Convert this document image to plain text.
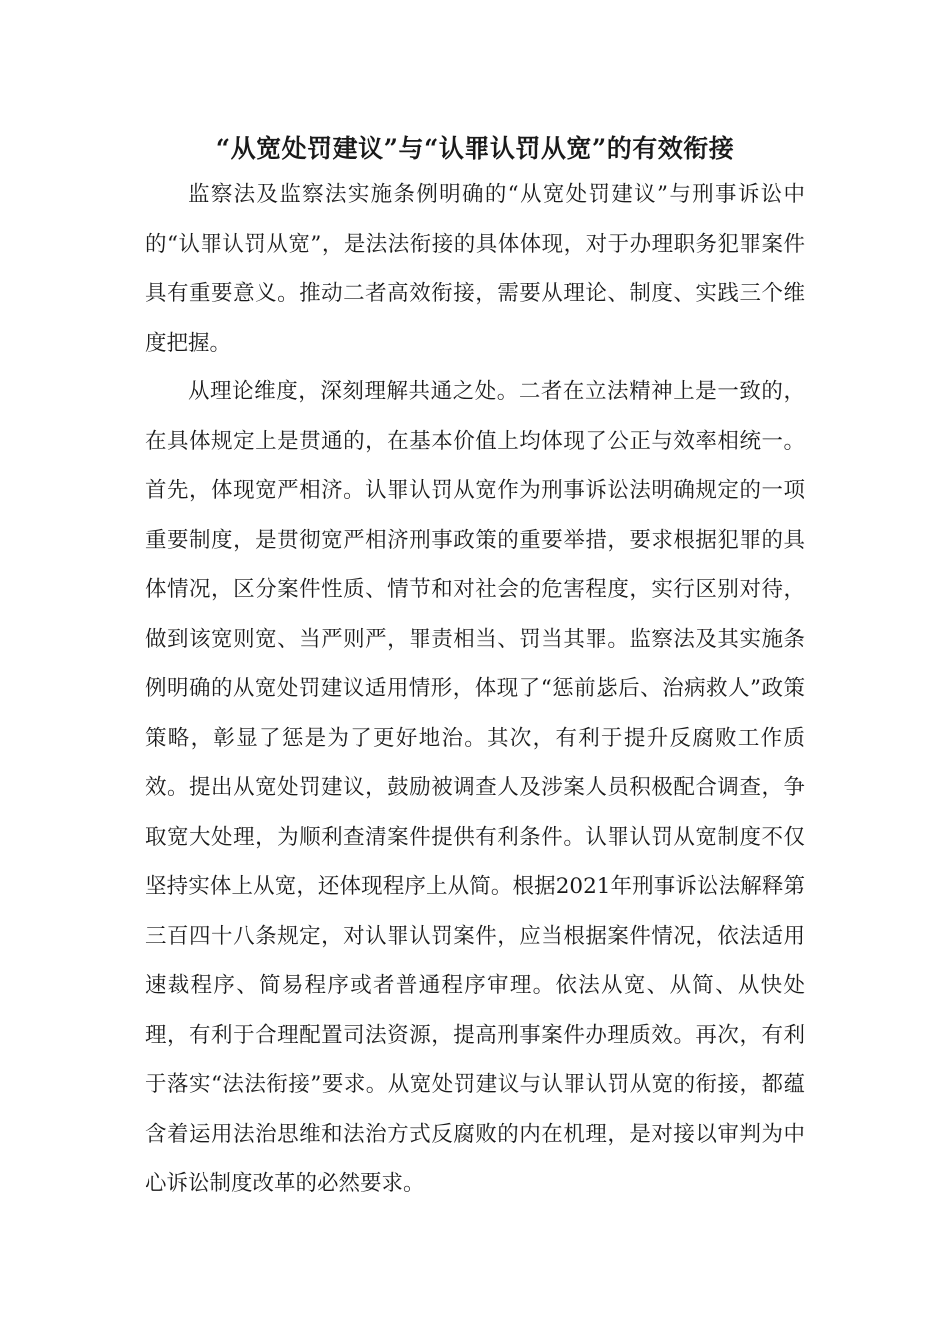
“从宽处罚建议”与“认罪认罚从宽”的有效衔接

监察法及监察法实施条例明确的“从宽处罚建议”与刑事诉讼中的“认罪认罚从宽”，是法法衔接的具体体现，对于办理职务犯罪案件具有重要意义。推动二者高效衔接，需要从理论、制度、实践三个维度把握。

从理论维度，深刻理解共通之处。二者在立法精神上是一致的，在具体规定上是贯通的，在基本价值上均体现了公正与效率相统一。首先，体现宽严相济。认罪认罚从宽作为刑事诉讼法明确规定的一项重要制度，是贯彻宽严相济刑事政策的重要举措，要求根据犯罪的具体情况，区分案件性质、情节和对社会的危害程度，实行区别对待，做到该宽则宽、当严则严，罪责相当、罚当其罪。监察法及其实施条例明确的从宽处罚建议适用情形，体现了“惩前毖后、治病救人”政策策略，彰显了惩是为了更好地治。其次，有利于提升反腐败工作质效。提出从宽处罚建议，鼓励被调查人及涉案人员积极配合调查，争取宽大处理，为顺利查清案件提供有利条件。认罪认罚从宽制度不仅坚持实体上从宽，还体现程序上从简。根据2021年刑事诉讼法解释第三百四十八条规定，对认罪认罚案件，应当根据案件情况，依法适用速裁程序、简易程序或者普通程序审理。依法从宽、从简、从快处理，有利于合理配置司法资源，提高刑事案件办理质效。再次，有利于落实“法法衔接”要求。从宽处罚建议与认罪认罚从宽的衔接，都蕴含着运用法治思维和法治方式反腐败的内在机理，是对接以审判为中心诉讼制度改革的必然要求。
